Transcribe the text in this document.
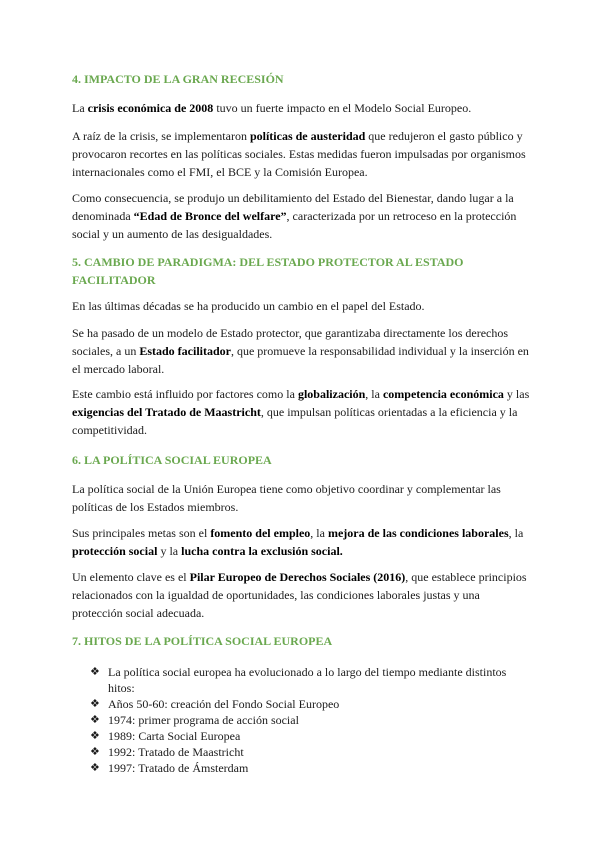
4. IMPACTO DE LA GRAN RECESIÓN

La crisis económica de 2008 tuvo un fuerte impacto en el Modelo Social Europeo.

A raíz de la crisis, se implementaron políticas de austeridad que redujeron el gasto público y provocaron recortes en las políticas sociales. Estas medidas fueron impulsadas por organismos internacionales como el FMI, el BCE y la Comisión Europea.

Como consecuencia, se produjo un debilitamiento del Estado del Bienestar, dando lugar a la denominada “Edad de Bronce del welfare”, caracterizada por un retroceso en la protección social y un aumento de las desigualdades.

5. CAMBIO DE PARADIGMA: DEL ESTADO PROTECTOR AL ESTADO FACILITADOR

En las últimas décadas se ha producido un cambio en el papel del Estado.

Se ha pasado de un modelo de Estado protector, que garantizaba directamente los derechos sociales, a un Estado facilitador, que promueve la responsabilidad individual y la inserción en el mercado laboral.

Este cambio está influido por factores como la globalización, la competencia económica y las exigencias del Tratado de Maastricht, que impulsan políticas orientadas a la eficiencia y la competitividad.

6. LA POLÍTICA SOCIAL EUROPEA

La política social de la Unión Europea tiene como objetivo coordinar y complementar las políticas de los Estados miembros.

Sus principales metas son el fomento del empleo, la mejora de las condiciones laborales, la protección social y la lucha contra la exclusión social.

Un elemento clave es el Pilar Europeo de Derechos Sociales (2016), que establece principios relacionados con la igualdad de oportunidades, las condiciones laborales justas y una protección social adecuada.

7. HITOS DE LA POLÍTICA SOCIAL EUROPEA
❖ La política social europea ha evolucionado a lo largo del tiempo mediante distintos hitos:
❖ Años 50-60: creación del Fondo Social Europeo
❖ 1974: primer programa de acción social
❖ 1989: Carta Social Europea
❖ 1992: Tratado de Maastricht
❖ 1997: Tratado de Ámsterdam
